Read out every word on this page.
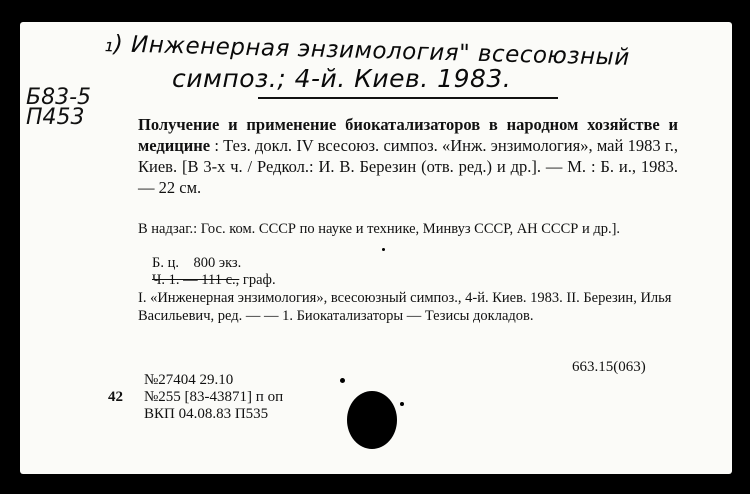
₁) Инженерная энзимология" всесоюзный
симпоз.; 4-й. Киев. 1983.
Б83-5
П453	Получение и применение биокатализаторов в народном хозяйстве и медицине : Тез. докл. IV всесоюз. симпоз. «Инж. энзимология», май 1983 г., Киев. [В 3-х ч. / Редкол.: И. В. Березин (отв. ред.) и др.]. — М. : Б. и., 1983. — 22 см.
В надзаг.: Гос. ком. СССР по науке и технике, Минвуз СССР, АН СССР и др.].
Б. ц. 800 экз.
Ч. 1. — 111 с., граф.
I. «Инженерная энзимология», всесоюзный симпоз., 4-й. Киев. 1983. II. Березин, Илья Васильевич, ред. — — 1. Биокатализаторы — Тезисы докладов.
663.15(063)
№27404 29.10
42	№255 [83-43871] п оп
ВКП 04.08.83 П535
